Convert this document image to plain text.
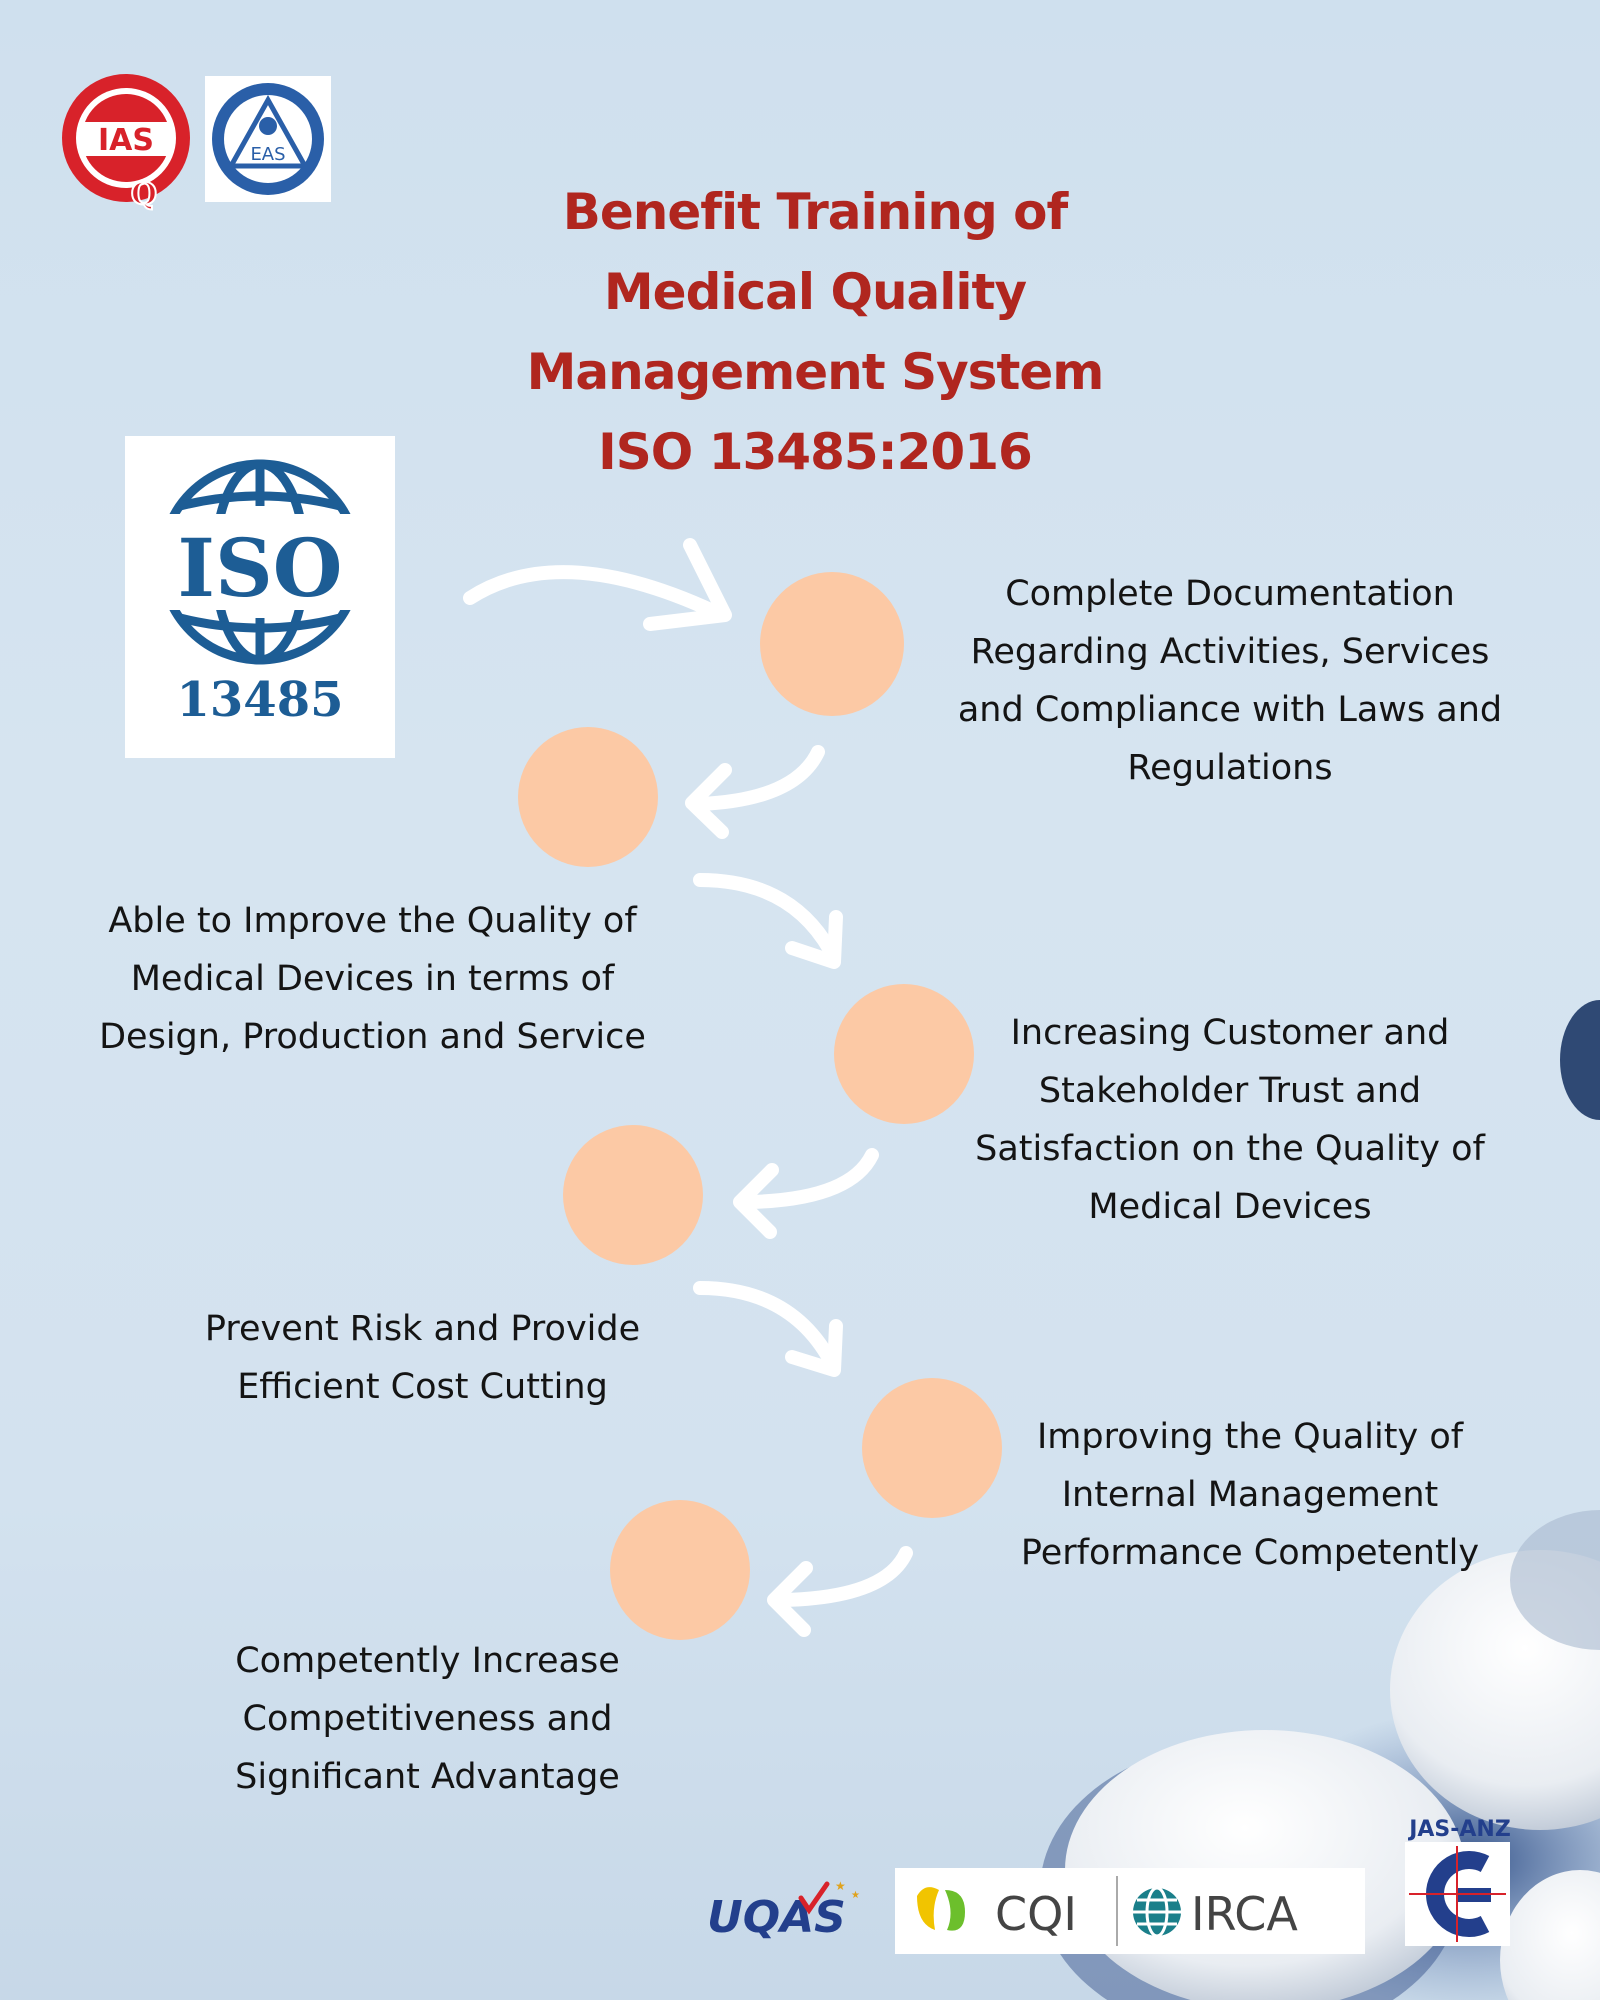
IAS
Q
EAS
Benefit Training of
Medical Quality
Management System
ISO 13485:2016
ISO
13485
Complete Documentation
Regarding Activities, Services
and Compliance with Laws and
Regulations
Able to Improve the Quality of
Medical Devices in terms of
Design, Production and Service	Increasing Customer and
Stakeholder Trust and
Satisfaction on the Quality of
Medical Devices
Prevent Risk and Provide
Efficient Cost Cutting
Improving the Quality of
Internal Management
Performance Competently
Competently Increase
Competitiveness and
Significant Advantage
UQAS
★
★	CQI IRCA
JAS-ANZ
